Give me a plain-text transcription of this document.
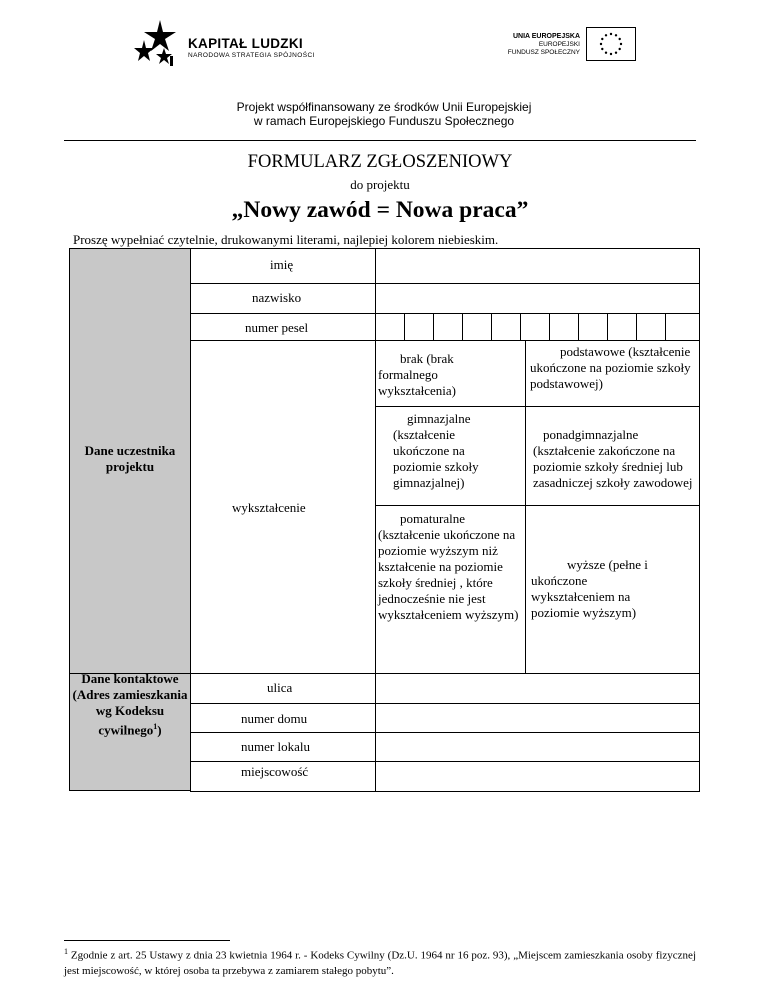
KAPITAŁ LUDZKI
NARODOWA STRATEGIA SPÓJNOŚCI
UNIA EUROPEJSKA
EUROPEJSKI
FUNDUSZ SPOŁECZNY
Projekt współfinansowany ze środków Unii Europejskiej
w ramach Europejskiego Funduszu Społecznego
FORMULARZ ZGŁOSZENIOWY
do projektu
„Nowy zawód = Nowa praca”
Proszę wypełniać czytelnie, drukowanymi literami, najlepiej kolorem niebieskim.
Dane uczestnika projektu
Dane kontaktowe (Adres zamieszkania wg Kodeksu cywilnego$^1$)
imię
nazwisko
numer pesel
wykształcenie
brak (brak formalnego wykształcenia)
podstawowe (kształcenie ukończone na poziomie szkoły podstawowej)
gimnazjalne (kształcenie ukończone na poziomie szkoły gimnazjalnej)
ponadgimnazjalne (kształcenie zakończone na poziomie szkoły średniej lub zasadniczej szkoły zawodowej
pomaturalne (kształcenie ukończone na poziomie wyższym niż kształcenie na poziomie szkoły średniej , które jednocześnie nie jest wykształceniem wyższym)
wyższe (pełne i ukończone wykształceniem na poziomie wyższym)
ulica
numer domu
numer lokalu
miejscowość
$^1$ Zgodnie z art. 25 Ustawy z dnia 23 kwietnia 1964 r. - Kodeks Cywilny (Dz.U. 1964 nr 16 poz. 93), „Miejscem zamieszkania osoby fizycznej jest miejscowość, w której osoba ta przebywa z zamiarem stałego pobytu”.
